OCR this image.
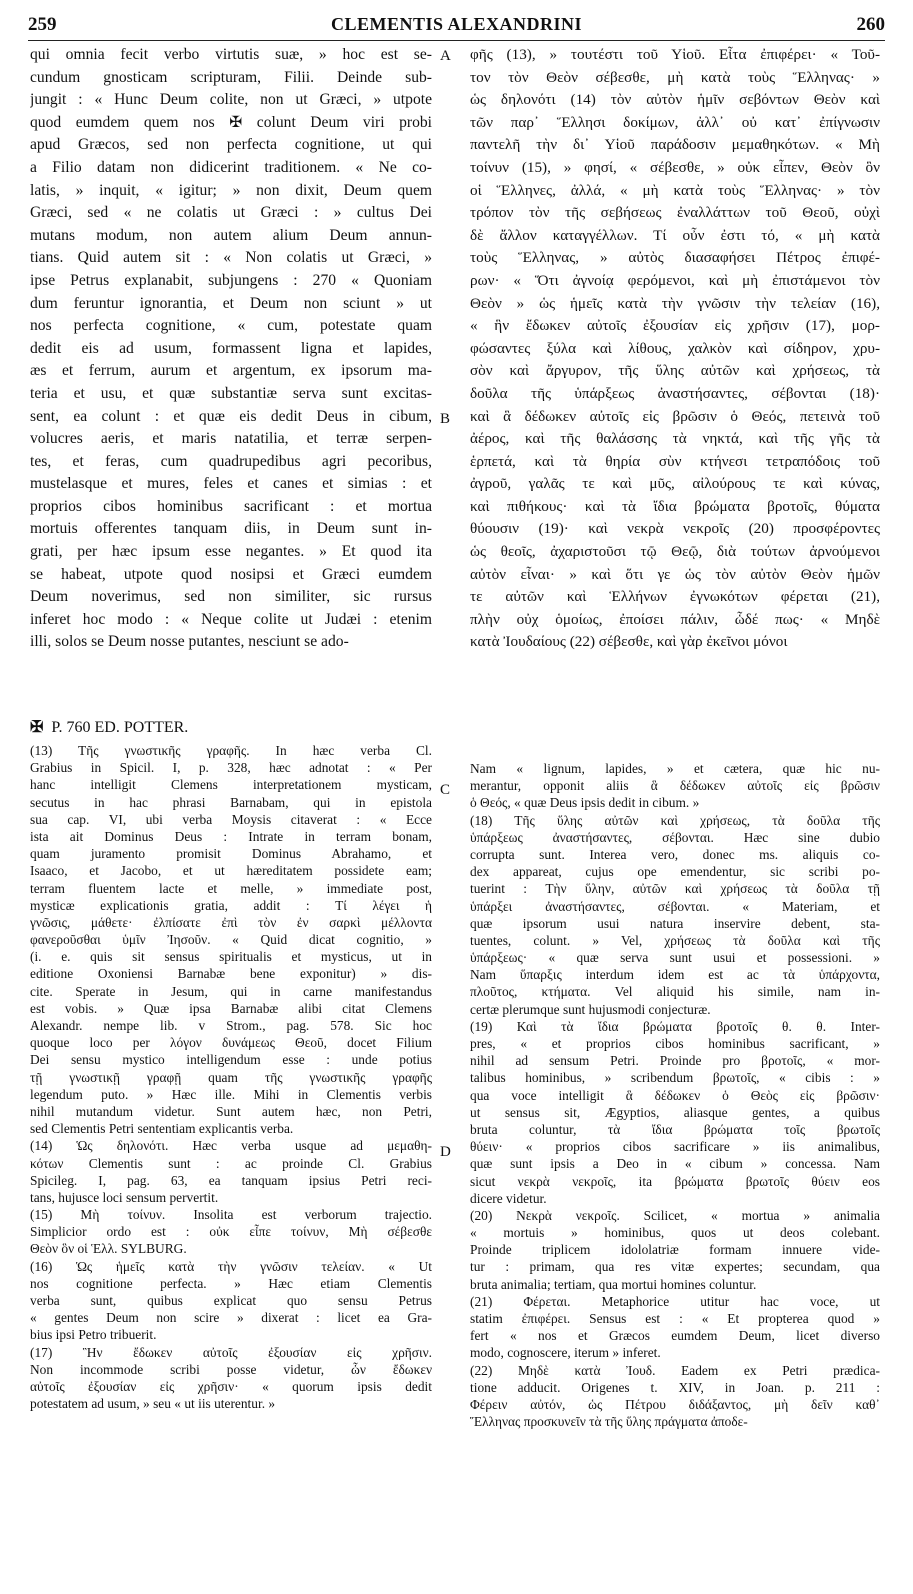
259	CLEMENTIS ALEXANDRINI	260
qui omnia fecit verbo virtutis suæ, » hoc est se-
cundum gnosticam scripturam, Filii. Deinde sub-
jungit : « Hunc Deum colite, non ut Græci, » utpote
quod eumdem quem nos ✠ colunt Deum viri probi
apud Græcos, sed non perfecta cognitione, ut qui
a Filio datam non didicerint traditionem. « Ne co-
latis, » inquit, « igitur; » non dixit, Deum quem
Græci, sed « ne colatis ut Græci : » cultus Dei
mutans modum, non autem alium Deum annun-
tians. Quid autem sit : « Non colatis ut Græci, »
ipse Petrus explanabit, subjungens : 270 « Quoniam
dum feruntur ignorantia, et Deum non sciunt » ut
nos perfecta cognitione, « cum, potestate quam
dedit eis ad usum, formassent ligna et lapides,
æs et ferrum, aurum et argentum, ex ipsorum ma-
teria et usu, et quæ substantiæ serva sunt excitas-
sent, ea colunt : et quæ eis dedit Deus in cibum,
volucres aeris, et maris natatilia, et terræ serpen-
tes, et feras, cum quadrupedibus agri pecoribus,
mustelasque et mures, feles et canes et simias : et
proprios cibos hominibus sacrificant : et mortua
mortuis offerentes tanquam diis, in Deum sunt in-
grati, per hæc ipsum esse negantes. » Et quod ita
se habeat, utpote quod nosipsi et Græci eumdem
Deum noverimus, sed non similiter, sic rursus
inferet hoc modo : « Neque colite ut Judæi : etenim
illi, solos se Deum nosse putantes, nesciunt se ado-
φῆς (13), » τουτέστι τοῦ Υἱοῦ. Εἶτα ἐπιφέρει· « Τοῦ-
τον τὸν Θεὸν σέβεσθε, μὴ κατὰ τοὺς Ἕλληνας· »
ὡς δηλονότι (14) τὸν αὐτὸν ἡμῖν σεβόντων Θεὸν καὶ
τῶν παρ᾽ Ἕλλησι δοκίμων, ἀλλ᾽ οὐ κατ᾽ ἐπίγνωσιν
παντελῆ τὴν δι᾽ Υἱοῦ παράδοσιν μεμαθηκότων. « Μὴ
τοίνυν (15), » φησί, « σέβεσθε, » οὐκ εἶπεν, Θεὸν ὃν
οἱ Ἕλληνες, ἀλλά, « μὴ κατὰ τοὺς Ἕλληνας· » τὸν
τρόπον τὸν τῆς σεβήσεως ἐναλλάττων τοῦ Θεοῦ, οὐχὶ
δὲ ἄλλον καταγγέλλων. Τί οὖν ἐστι τό, « μὴ κατὰ
τοὺς Ἕλληνας, » αὐτὸς διασαφήσει Πέτρος ἐπιφέ-
ρων· « Ὅτι ἀγνοίᾳ φερόμενοι, καὶ μὴ ἐπιστάμενοι τὸν
Θεὸν » ὡς ἡμεῖς κατὰ τὴν γνῶσιν τὴν τελείαν (16),
« ἣν ἔδωκεν αὐτοῖς ἐξουσίαν εἰς χρῆσιν (17), μορ-
φώσαντες ξύλα καὶ λίθους, χαλκὸν καὶ σίδηρον, χρυ-
σὸν καὶ ἄργυρον, τῆς ὕλης αὐτῶν καὶ χρήσεως, τὰ
δοῦλα τῆς ὑπάρξεως ἀναστήσαντες, σέβονται (18)·
καὶ ἃ δέδωκεν αὐτοῖς εἰς βρῶσιν ὁ Θεός, πετεινὰ τοῦ
ἀέρος, καὶ τῆς θαλάσσης τὰ νηκτά, καὶ τῆς γῆς τὰ
ἑρπετά, καὶ τὰ θηρία σὺν κτήνεσι τετραπόδοις τοῦ
ἀγροῦ, γαλᾶς τε καὶ μῦς, αἰλούρους τε καὶ κύνας,
καὶ πιθήκους· καὶ τὰ ἴδια βρώματα βροτοῖς, θύματα
θύουσιν (19)· καὶ νεκρὰ νεκροῖς (20) προσφέροντες
ὡς θεοῖς, ἀχαριστοῦσι τῷ Θεῷ, διὰ τούτων ἀρνούμενοι
αὐτὸν εἶναι· » καὶ ὅτι γε ὡς τὸν αὐτὸν Θεὸν ἡμῶν
τε αὐτῶν καὶ Ἑλλήνων ἐγνωκότων φέρεται (21),
πλὴν οὐχ ὁμοίως, ἐποίσει πάλιν, ὧδέ πως· « Μηδὲ
κατὰ Ἰουδαίους (22) σέβεσθε, καὶ γὰρ ἐκεῖνοι μόνοι
A
B
C
D
✠ P. 760 ED. POTTER.
(13) Τῆς γνωστικῆς γραφῆς. In hæc verba Cl.
Grabius in Spicil. I, p. 328, hæc adnotat : « Per
hanc intelligit Clemens interpretationem mysticam,
secutus in hac phrasi Barnabam, qui in epistola
sua cap. VI, ubi verba Moysis citaverat : « Ecce
ista ait Dominus Deus : Intrate in terram bonam,
quam juramento promisit Dominus Abrahamo, et
Isaaco, et Jacobo, et ut hæreditatem possidete eam;
terram fluentem lacte et melle, » immediate post,
mysticæ explicationis gratia, addit : Τί λέγει ἡ
γνῶσις, μάθετε· ἐλπίσατε ἐπὶ τὸν ἐν σαρκὶ μέλλοντα
φανεροῦσθαι ὑμῖν Ἰησοῦν. « Quid dicat cognitio, »
(i. e. quis sit sensus spiritualis et mysticus, ut in
editione Oxoniensi Barnabæ bene exponitur) » dis-
cite. Sperate in Jesum, qui in carne manifestandus
est vobis. » Quæ ipsa Barnabæ alibi citat Clemens
Alexandr. nempe lib. v Strom., pag. 578. Sic hoc
quoque loco per λόγον δυνάμεως Θεοῦ, docet Filium
Dei sensu mystico intelligendum esse : unde potius
τῇ γνωστικῇ γραφῇ quam τῆς γνωστικῆς γραφῆς
legendum puto. » Hæc ille. Mihi in Clementis verbis
nihil mutandum videtur. Sunt autem hæc, non Petri,
sed Clementis Petri sententiam explicantis verba.
(14) Ὡς δηλονότι. Hæc verba usque ad μεμαθη-
κότων Clementis sunt : ac proinde Cl. Grabius
Spicileg. I, pag. 63, ea tanquam ipsius Petri reci-
tans, hujusce loci sensum pervertit.
(15) Μὴ τοίνυν. Insolita est verborum trajectio.
Simplicior ordo est : οὐκ εἶπε τοίνυν, Μὴ σέβεσθε
Θεὸν ὃν οἱ Ἑλλ. SYLBURG.
(16) Ὡς ἡμεῖς κατὰ τὴν γνῶσιν τελείαν. « Ut
nos cognitione perfecta. » Hæc etiam Clementis
verba sunt, quibus explicat quo sensu Petrus
« gentes Deum non scire » dixerat : licet ea Gra-
bius ipsi Petro tribuerit.
(17) Ἣν ἔδωκεν αὐτοῖς ἐξουσίαν εἰς χρῆσιν.
Non incommode scribi posse videtur, ὧν ἔδωκεν
αὐτοῖς ἐξουσίαν εἰς χρῆσιν· « quorum ipsis dedit
potestatem ad usum, » seu « ut iis uterentur. »
Nam « lignum, lapides, » et cætera, quæ hic nu-
merantur, opponit aliis ἃ δέδωκεν αὐτοῖς εἰς βρῶσιν
ὁ Θεός, « quæ Deus ipsis dedit in cibum. »
(18) Τῆς ὕλης αὐτῶν καὶ χρήσεως, τὰ δοῦλα τῆς
ὑπάρξεως ἀναστήσαντες, σέβονται. Hæc sine dubio
corrupta sunt. Interea vero, donec ms. aliquis co-
dex appareat, cujus ope emendentur, sic scribi po-
tuerint : Τὴν ὕλην, αὐτῶν καὶ χρήσεως τὰ δοῦλα τῇ
ὑπάρξει ἀναστήσαντες, σέβονται. « Materiam, et
quæ ipsorum usui natura inservire debent, sta-
tuentes, colunt. » Vel, χρήσεως τὰ δοῦλα καὶ τῆς
ὑπάρξεως· « quæ serva sunt usui et possessioni. »
Nam ὕπαρξις interdum idem est ac τὰ ὑπάρχοντα,
πλοῦτος, κτήματα. Vel aliquid his simile, nam in-
certæ plerumque sunt hujusmodi conjecturæ.
(19) Καὶ τὰ ἴδια βρώματα βροτοῖς θ. θ. Inter-
pres, « et proprios cibos hominibus sacrificant, »
nihil ad sensum Petri. Proinde pro βροτοῖς, « mor-
talibus hominibus, » scribendum βρωτοῖς, « cibis : »
qua voce intelligit ἃ δέδωκεν ὁ Θεὸς εἰς βρῶσιν·
ut sensus sit, Ægyptios, aliasque gentes, a quibus
bruta coluntur, τὰ ἴδια βρώματα τοῖς βρωτοῖς
θύειν· « proprios cibos sacrificare » iis animalibus,
quæ sunt ipsis a Deo in « cibum » concessa. Nam
sicut νεκρὰ νεκροῖς, ita βρώματα βρωτοῖς θύειν eos
dicere videtur.
(20) Νεκρὰ νεκροῖς. Scilicet, « mortua » animalia
« mortuis » hominibus, quos ut deos colebant.
Proinde triplicem idololatriæ formam innuere vide-
tur : primam, qua res vitæ expertes; secundam, qua
bruta animalia; tertiam, qua mortui homines coluntur.
(21) Φέρεται. Metaphorice utitur hac voce, ut
statim ἐπιφέρει. Sensus est : « Et propterea quod »
fert « nos et Græcos eumdem Deum, licet diverso
modo, cognoscere, iterum » inferet.
(22) Μηδὲ κατὰ Ἰουδ. Eadem ex Petri prædica-
tione adducit. Origenes t. XIV, in Joan. p. 211 :
Φέρειν αὐτόν, ὡς Πέτρου διδάξαντος, μὴ δεῖν καθ᾽
Ἕλληνας προσκυνεῖν τὰ τῆς ὕλης πράγματα ἀποδε-
